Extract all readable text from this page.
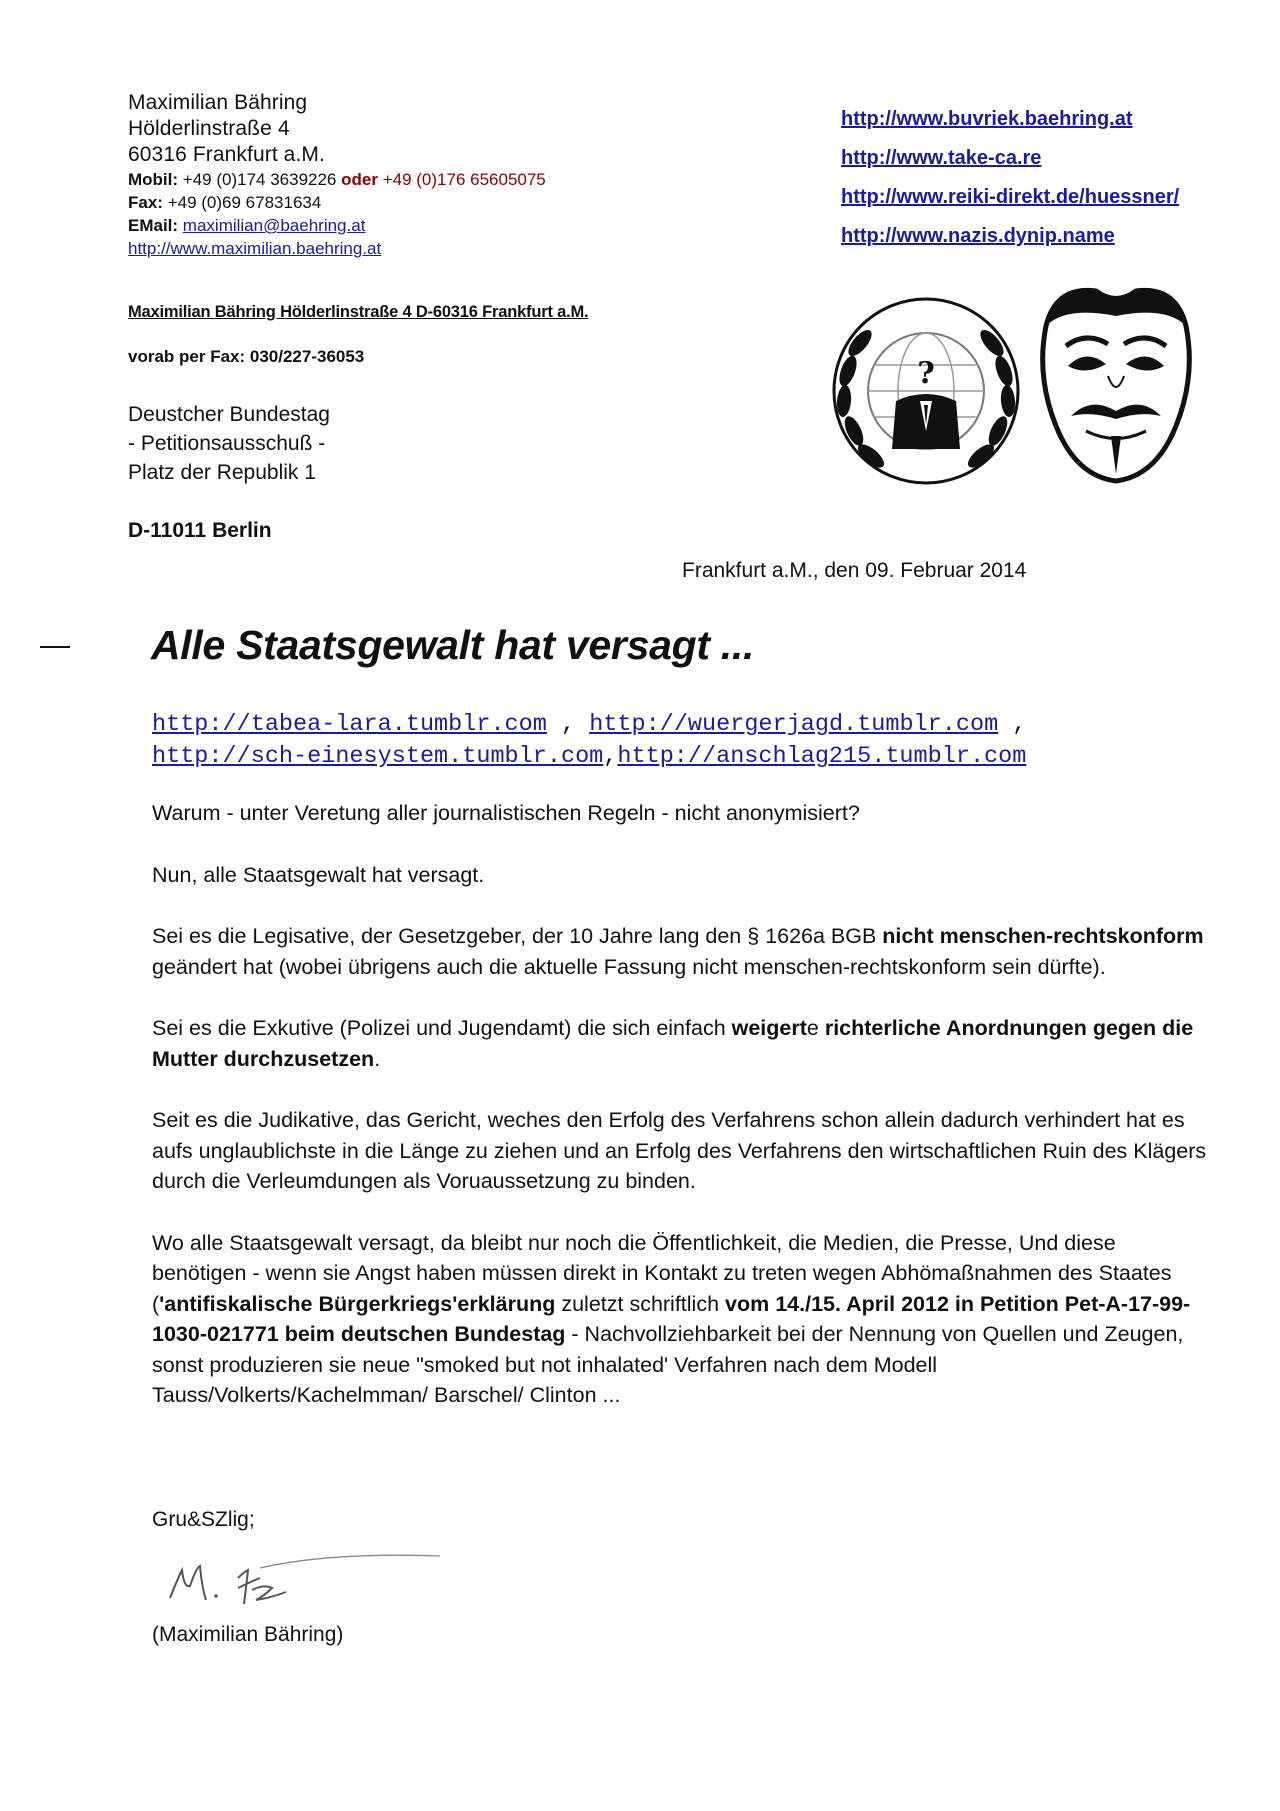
Maximilian Bähring
Hölderlinstraße 4
60316 Frankfurt a.M.
Mobil: +49 (0)174 3639226 oder +49 (0)176 65605075
Fax: +49 (0)69 67831634
EMail: maximilian@baehring.at
http://www.maximilian.baehring.at
Maximilian Bähring Hölderlinstraße 4 D-60316 Frankfurt a.M.
vorab per Fax: 030/227-36053
Deustcher Bundestag
- Petitionsausschuß -
Platz der Republik 1
D-11011 Berlin
http://www.buvriek.baehring.at
http://www.take-ca.re
http://www.reiki-direkt.de/huessner/
http://www.nazis.dynip.name
?
Frankfurt a.M., den 09. Februar 2014
Alle Staatsgewalt hat versagt ...
http://tabea-lara.tumblr.com , http://wuergerjagd.tumblr.com ,
http://sch-einesystem.tumblr.com,http://anschlag215.tumblr.com

Warum - unter Veretung aller journalistischen Regeln - nicht anonymisiert?

Nun, alle Staatsgewalt hat versagt.

Sei es die Legisative, der Gesetzgeber, der 10 Jahre lang den § 1626a BGB nicht menschen-rechtskonform geändert hat (wobei übrigens auch die aktuelle Fassung nicht menschen-rechtskonform sein dürfte).

Sei es die Exkutive (Polizei und Jugendamt) die sich einfach weigerte richterliche Anordnungen gegen die Mutter durchzusetzen.

Seit es die Judikative, das Gericht, weches den Erfolg des Verfahrens schon allein dadurch verhindert hat es aufs unglaublichste in die Länge zu ziehen und an Erfolg des Verfahrens den wirtschaftlichen Ruin des Klägers durch die Verleumdungen als Voruaussetzung zu binden.

Wo alle Staatsgewalt versagt, da bleibt nur noch die Öffentlichkeit, die Medien, die Presse, Und diese benötigen - wenn sie Angst haben müssen direkt in Kontakt zu treten wegen Abhömaßnahmen des Staates ('antifiskalische Bürgerkriegs'erklärung zuletzt schriftlich vom 14./15. April 2012 in Petition Pet-A-17-99-1030-021771 beim deutschen Bundestag - Nachvollziehbarkeit bei der Nennung von Quellen und Zeugen, sonst produzieren sie neue "smoked but not inhalated' Verfahren nach dem Modell Tauss/Volkerts/Kachelmman/ Barschel/ Clinton ...

Gru&SZlig;
(Maximilian Bähring)
